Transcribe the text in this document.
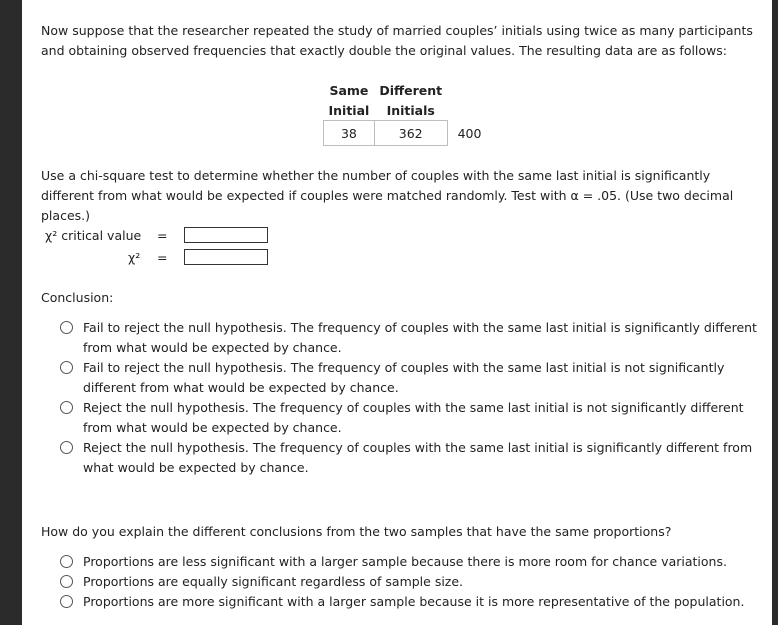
Now suppose that the researcher repeated the study of married couples’ initials using twice as many participants and obtaining observed frequencies that exactly double the original values. The resulting data are as follows:

Same	Different	
Initial	Initials	
38	362	400

Use a chi-square test to determine whether the number of couples with the same last initial is significantly different from what would be expected if couples were matched randomly. Test with α = .05. (Use two decimal places.)

χ² critical value =
χ² =
Conclusion:
Fail to reject the null hypothesis. The frequency of couples with the same last initial is significantly different from what would be expected by chance.
Fail to reject the null hypothesis. The frequency of couples with the same last initial is not significantly different from what would be expected by chance.
Reject the null hypothesis. The frequency of couples with the same last initial is not significantly different from what would be expected by chance.
Reject the null hypothesis. The frequency of couples with the same last initial is significantly different from what would be expected by chance.

How do you explain the different conclusions from the two samples that have the same proportions?

Proportions are less significant with a larger sample because there is more room for chance variations.
Proportions are equally significant regardless of sample size.
Proportions are more significant with a larger sample because it is more representative of the population.
